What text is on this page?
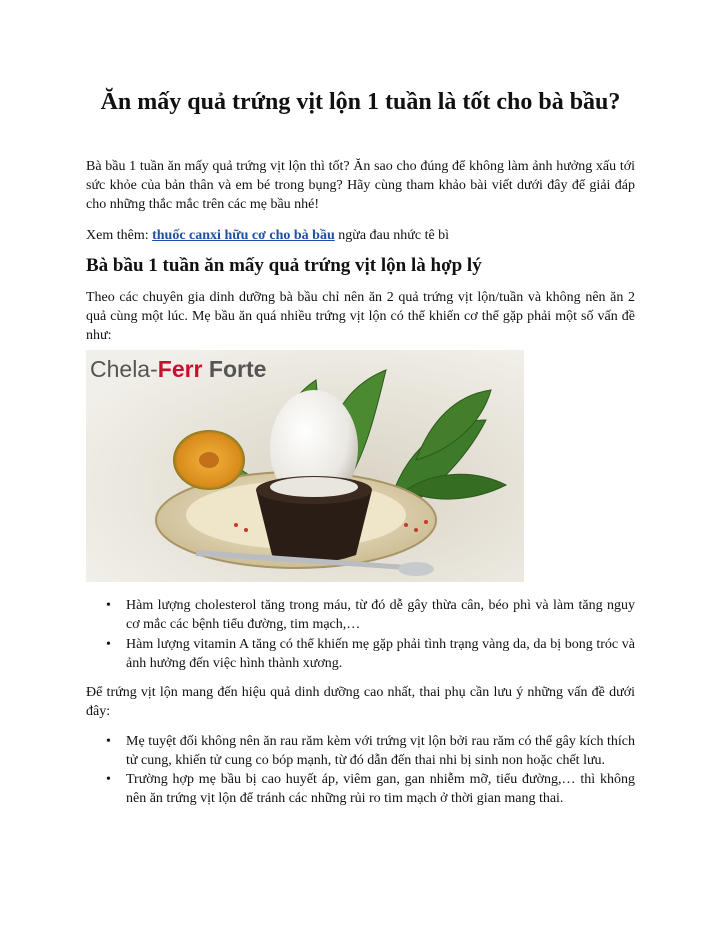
Ăn mấy quả trứng vịt lộn 1 tuần là tốt cho bà bầu?

Bà bầu 1 tuần ăn mấy quả trứng vịt lộn thì tốt? Ăn sao cho đúng để không làm ảnh hưởng xấu tới sức khỏe của bản thân và em bé trong bụng? Hãy cùng tham khảo bài viết dưới đây để giải đáp cho những thắc mắc trên các mẹ bầu nhé!

Xem thêm: thuốc canxi hữu cơ cho bà bầu ngừa đau nhức tê bì

Bà bầu 1 tuần ăn mấy quả trứng vịt lộn là hợp lý

Theo các chuyên gia dinh dưỡng bà bầu chỉ nên ăn 2 quả trứng vịt lộn/tuần và không nên ăn 2 quả cùng một lúc. Mẹ bầu ăn quá nhiều trứng vịt lộn có thể khiến cơ thể gặp phải một số vấn đề như:

Chela-Ferr Forte
• Hàm lượng cholesterol tăng trong máu, từ đó dễ gây thừa cân, béo phì và làm tăng nguy cơ mắc các bệnh tiểu đường, tim mạch,…
• Hàm lượng vitamin A tăng có thể khiến mẹ gặp phải tình trạng vàng da, da bị bong tróc và ảnh hưởng đến việc hình thành xương.

Để trứng vịt lộn mang đến hiệu quả dinh dưỡng cao nhất, thai phụ cần lưu ý những vấn đề dưới đây:

• Mẹ tuyệt đối không nên ăn rau răm kèm với trứng vịt lộn bởi rau răm có thể gây kích thích tử cung, khiến tử cung co bóp mạnh, từ đó dẫn đến thai nhi bị sinh non hoặc chết lưu.
• Trường hợp mẹ bầu bị cao huyết áp, viêm gan, gan nhiễm mỡ, tiểu đường,… thì không nên ăn trứng vịt lộn để tránh các những rủi ro tim mạch ở thời gian mang thai.
